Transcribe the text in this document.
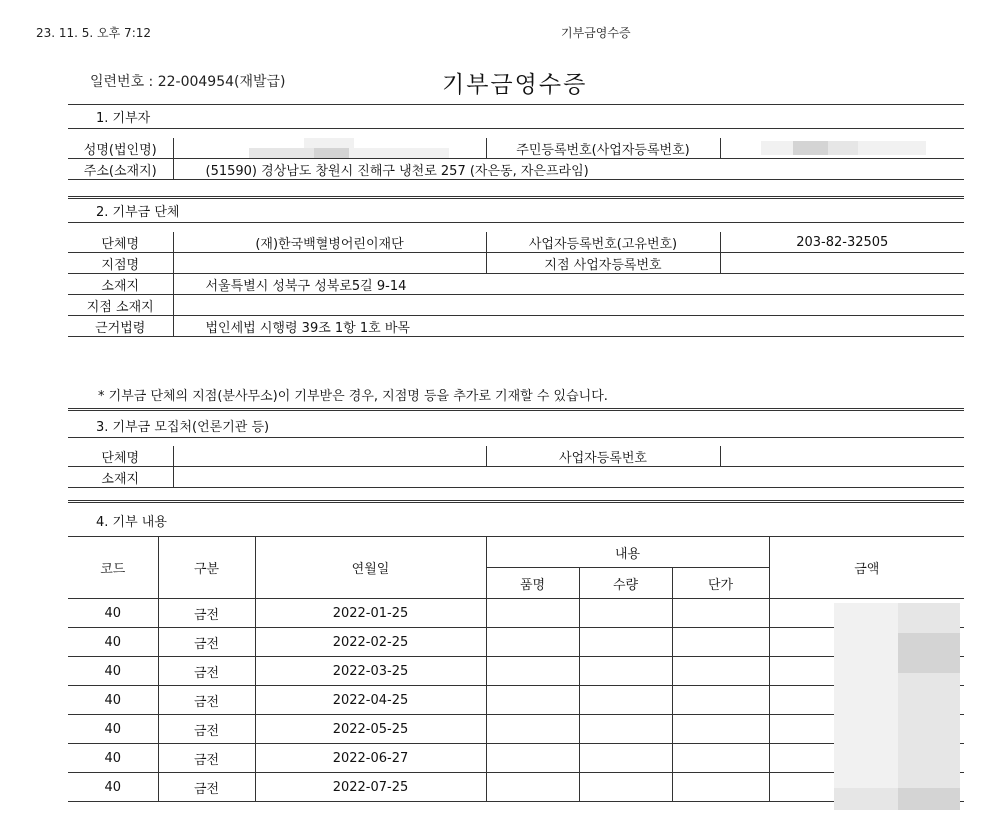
23. 11. 5. 오후 7:12	기부금영수증
일련번호 : 22-004954(재발급)	기부금영수증
1. 기부자
성명(법인명)		주민등록번호(사업자등록번호)	

주소(소재지)	(51590) 경상남도 창원시 진해구 냉천로 257 (자은동, 자은프라임)		
2. 기부금 단체
단체명	(재)한국백혈병어린이재단	사업자등록번호(고유번호)	203-82-32505
지점명		지점 사업자등록번호	
소재지	서울특별시 성북구 성북로5길 9-14		
지점 소재지			
근거법령	법인세법 시행령 39조 1항 1호 바목		
* 기부금 단체의 지점(분사무소)이 기부받은 경우, 지점명 등을 추가로 기재할 수 있습니다.
3. 기부금 모집처(언론기관 등)
단체명		사업자등록번호	
소재지			
4. 기부 내용
코드	구분	연월일	내용			금액
			품명	수량	단가	
40	금전	2022-01-25				
40	금전	2022-02-25				
40	금전	2022-03-25				
40	금전	2022-04-25				
40	금전	2022-05-25				
40	금전	2022-06-27				
40	금전	2022-07-25				
